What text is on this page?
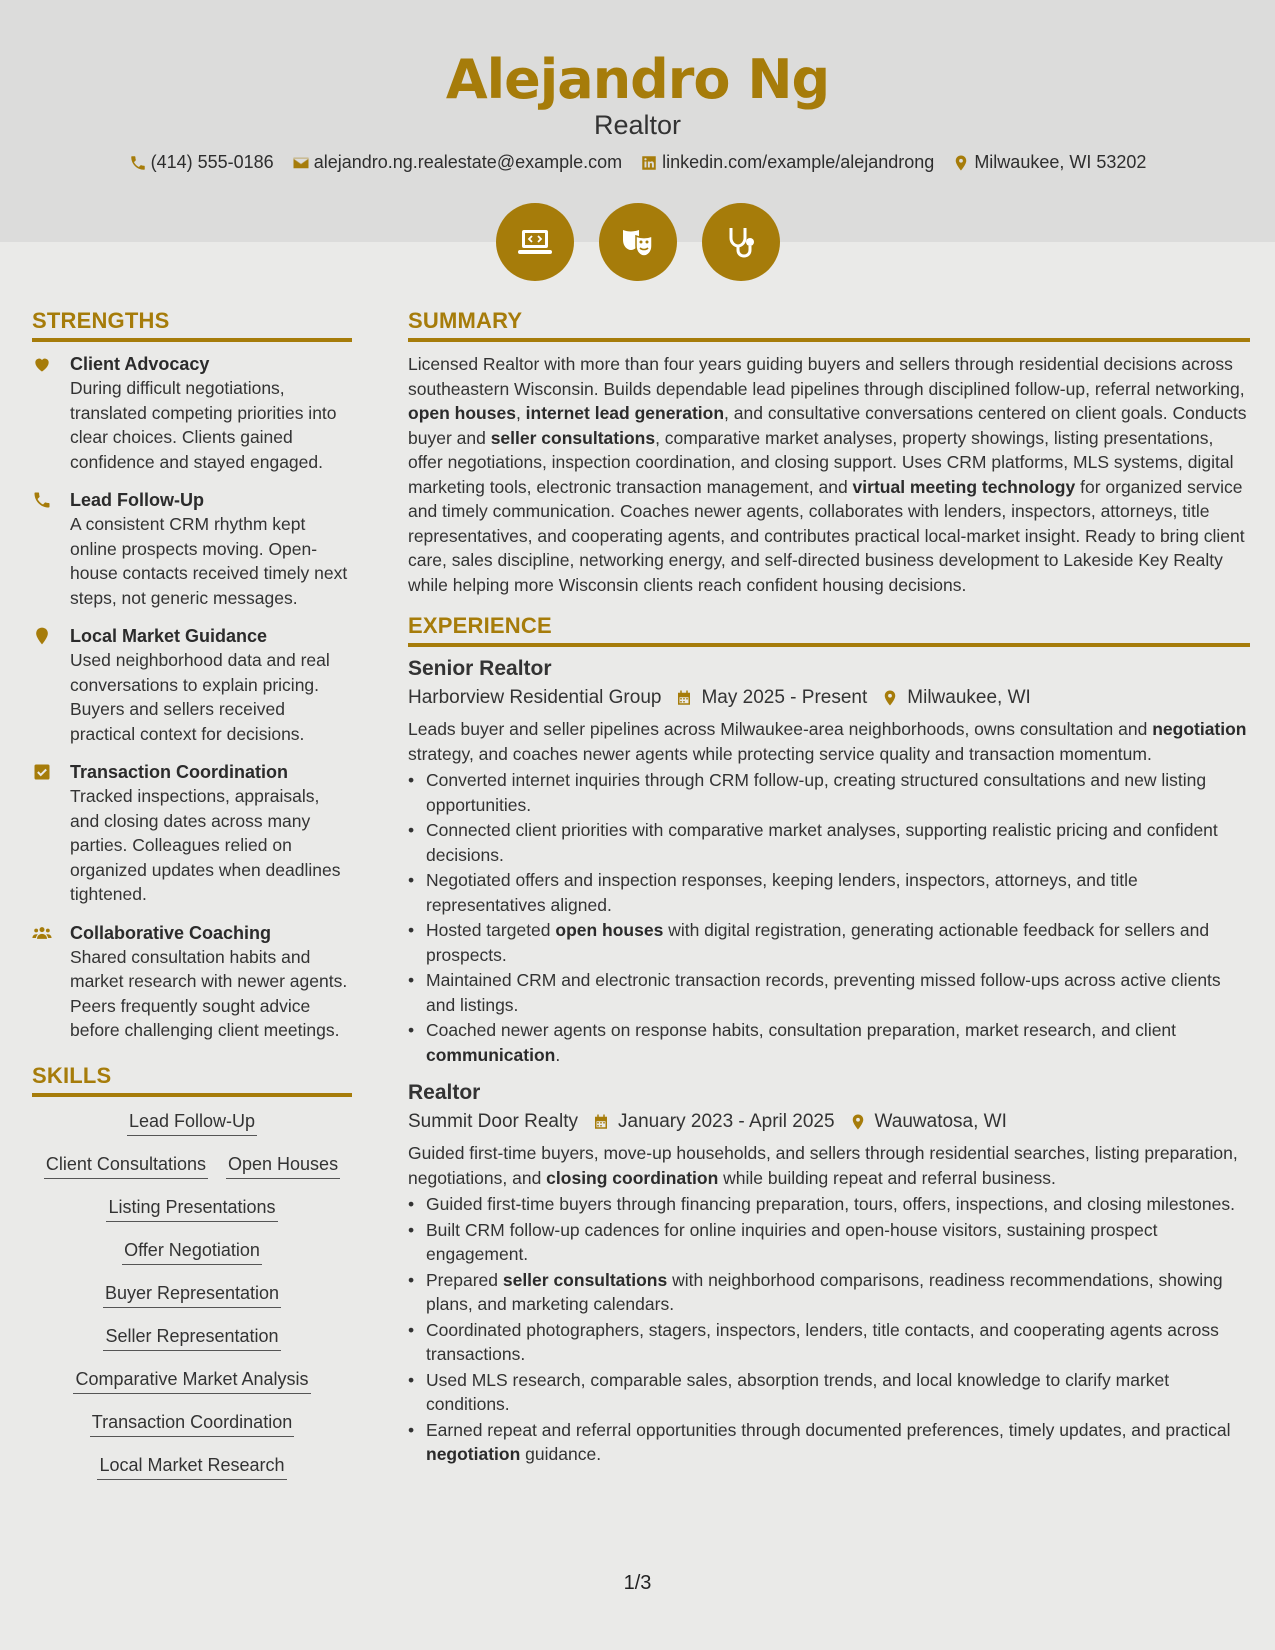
Alejandro Ng
Realtor
(414) 555-0186 alejandro.ng.realestate@example.com linkedin.com/example/alejandrong Milwaukee, WI 53202
STRENGTHS
Client Advocacy
During difficult negotiations, translated competing priorities into clear choices. Clients gained confidence and stayed engaged.
Lead Follow-Up
A consistent CRM rhythm kept online prospects moving. Open-house contacts received timely next steps, not generic messages.
Local Market Guidance
Used neighborhood data and real conversations to explain pricing. Buyers and sellers received practical context for decisions.
Transaction Coordination
Tracked inspections, appraisals, and closing dates across many parties. Colleagues relied on organized updates when deadlines tightened.
Collaborative Coaching
Shared consultation habits and market research with newer agents. Peers frequently sought advice before challenging client meetings.
SKILLS
Lead Follow-Up
Client Consultations Open Houses
Listing Presentations
Offer Negotiation
Buyer Representation
Seller Representation
Comparative Market Analysis
Transaction Coordination
Local Market Research
SUMMARY
Licensed Realtor with more than four years guiding buyers and sellers through residential decisions across southeastern Wisconsin. Builds dependable lead pipelines through disciplined follow-up, referral networking, open houses, internet lead generation, and consultative conversations centered on client goals. Conducts buyer and seller consultations, comparative market analyses, property showings, listing presentations, offer negotiations, inspection coordination, and closing support. Uses CRM platforms, MLS systems, digital marketing tools, electronic transaction management, and virtual meeting technology for organized service and timely communication. Coaches newer agents, collaborates with lenders, inspectors, attorneys, title representatives, and cooperating agents, and contributes practical local-market insight. Ready to bring client care, sales discipline, networking energy, and self-directed business development to Lakeside Key Realty while helping more Wisconsin clients reach confident housing decisions.
EXPERIENCE
Senior Realtor
Harborview Residential Group May 2025 - Present Milwaukee, WI
Leads buyer and seller pipelines across Milwaukee-area neighborhoods, owns consultation and negotiation strategy, and coaches newer agents while protecting service quality and transaction momentum.
• Converted internet inquiries through CRM follow-up, creating structured consultations and new listing opportunities.
• Connected client priorities with comparative market analyses, supporting realistic pricing and confident decisions.
• Negotiated offers and inspection responses, keeping lenders, inspectors, attorneys, and title representatives aligned.
• Hosted targeted open houses with digital registration, generating actionable feedback for sellers and prospects.
• Maintained CRM and electronic transaction records, preventing missed follow-ups across active clients and listings.
• Coached newer agents on response habits, consultation preparation, market research, and client communication.
Realtor
Summit Door Realty January 2023 - April 2025 Wauwatosa, WI
Guided first-time buyers, move-up households, and sellers through residential searches, listing preparation, negotiations, and closing coordination while building repeat and referral business.
• Guided first-time buyers through financing preparation, tours, offers, inspections, and closing milestones.
• Built CRM follow-up cadences for online inquiries and open-house visitors, sustaining prospect engagement.
• Prepared seller consultations with neighborhood comparisons, readiness recommendations, showing plans, and marketing calendars.
• Coordinated photographers, stagers, inspectors, lenders, title contacts, and cooperating agents across transactions.
• Used MLS research, comparable sales, absorption trends, and local knowledge to clarify market conditions.
• Earned repeat and referral opportunities through documented preferences, timely updates, and practical negotiation guidance.
1/3
